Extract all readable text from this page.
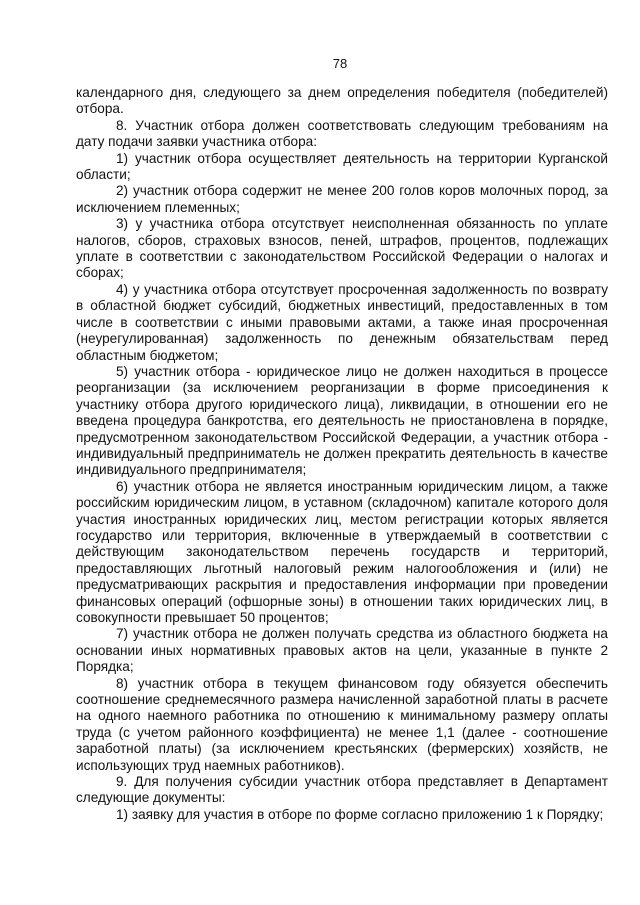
78

календарного дня, следующего за днем определения победителя (победителей) отбора.

8. Участник отбора должен соответствовать следующим требованиям на дату подачи заявки участника отбора:

1) участник отбора осуществляет деятельность на территории Курганской области;

2) участник отбора содержит не менее 200 голов коров молочных пород, за исключением племенных;

3) у участника отбора отсутствует неисполненная обязанность по уплате налогов, сборов, страховых взносов, пеней, штрафов, процентов, подлежащих уплате в соответствии с законодательством Российской Федерации о налогах и сборах;

4) у участника отбора отсутствует просроченная задолженность по возврату в областной бюджет субсидий, бюджетных инвестиций, предоставленных в том числе в соответствии с иными правовыми актами, а также иная просроченная (неурегулированная) задолженность по денежным обязательствам перед областным бюджетом;

5) участник отбора - юридическое лицо не должен находиться в процессе реорганизации (за исключением реорганизации в форме присоединения к участнику отбора другого юридического лица), ликвидации, в отношении его не введена процедура банкротства, его деятельность не приостановлена в порядке, предусмотренном законодательством Российской Федерации, а участник отбора - индивидуальный предприниматель не должен прекратить деятельность в качестве индивидуального предпринимателя;

6) участник отбора не является иностранным юридическим лицом, а также российским юридическим лицом, в уставном (складочном) капитале которого доля участия иностранных юридических лиц, местом регистрации которых является государство или территория, включенные в утверждаемый в соответствии с действующим законодательством перечень государств и территорий, предоставляющих льготный налоговый режим налогообложения и (или) не предусматривающих раскрытия и предоставления информации при проведении финансовых операций (офшорные зоны) в отношении таких юридических лиц, в совокупности превышает 50 процентов;

7) участник отбора не должен получать средства из областного бюджета на основании иных нормативных правовых актов на цели, указанные в пункте 2 Порядка;

8) участник отбора в текущем финансовом году обязуется обеспечить соотношение среднемесячного размера начисленной заработной платы в расчете на одного наемного работника по отношению к минимальному размеру оплаты труда (с учетом районного коэффициента) не менее 1,1 (далее - соотношение заработной платы) (за исключением крестьянских (фермерских) хозяйств, не использующих труд наемных работников).

9. Для получения субсидии участник отбора представляет в Департамент следующие документы:

1) заявку для участия в отборе по форме согласно приложению 1 к Порядку;
